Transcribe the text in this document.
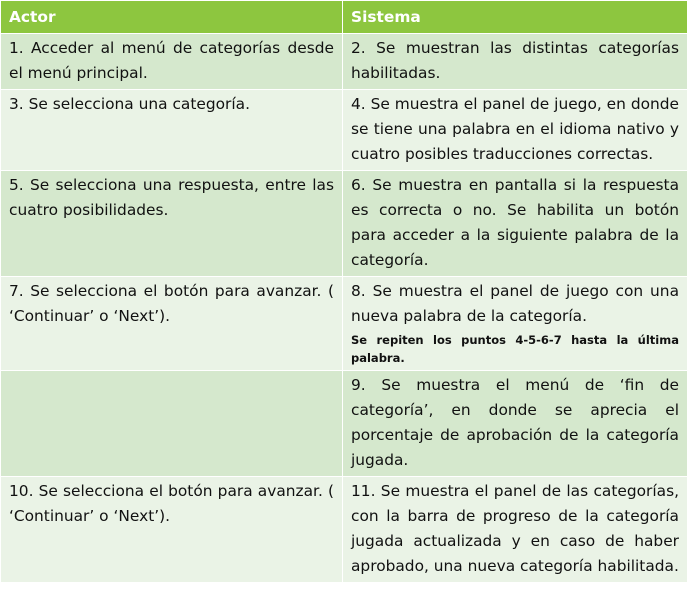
Actor	Sistema
1. Acceder al menú de categorías desde el menú principal.	2. Se muestran las distintas categorías habilitadas.
3. Se selecciona una categoría.	4. Se muestra el panel de juego, en donde se tiene una palabra en el idioma nativo y cuatro posibles traducciones correctas.
5. Se selecciona una respuesta, entre las cuatro posibilidades.	6. Se muestra en pantalla si la respuesta es correcta o no. Se habilita un botón para acceder a la siguiente palabra de la categoría.
7. Se selecciona el botón para avanzar. ( ‘Continuar’ o ‘Next’).	8. Se muestra el panel de juego con una nueva palabra de la categoría.
Se repiten los puntos 4-5-6-7 hasta la última palabra.

	9. Se muestra el menú de ‘fin de categoría’, en donde se aprecia el porcentaje de aprobación de la categoría jugada.
10. Se selecciona el botón para avanzar. ( ‘Continuar’ o ‘Next’).	11. Se muestra el panel de las categorías, con la barra de progreso de la categoría jugada actualizada y en caso de haber aprobado, una nueva categoría habilitada.
